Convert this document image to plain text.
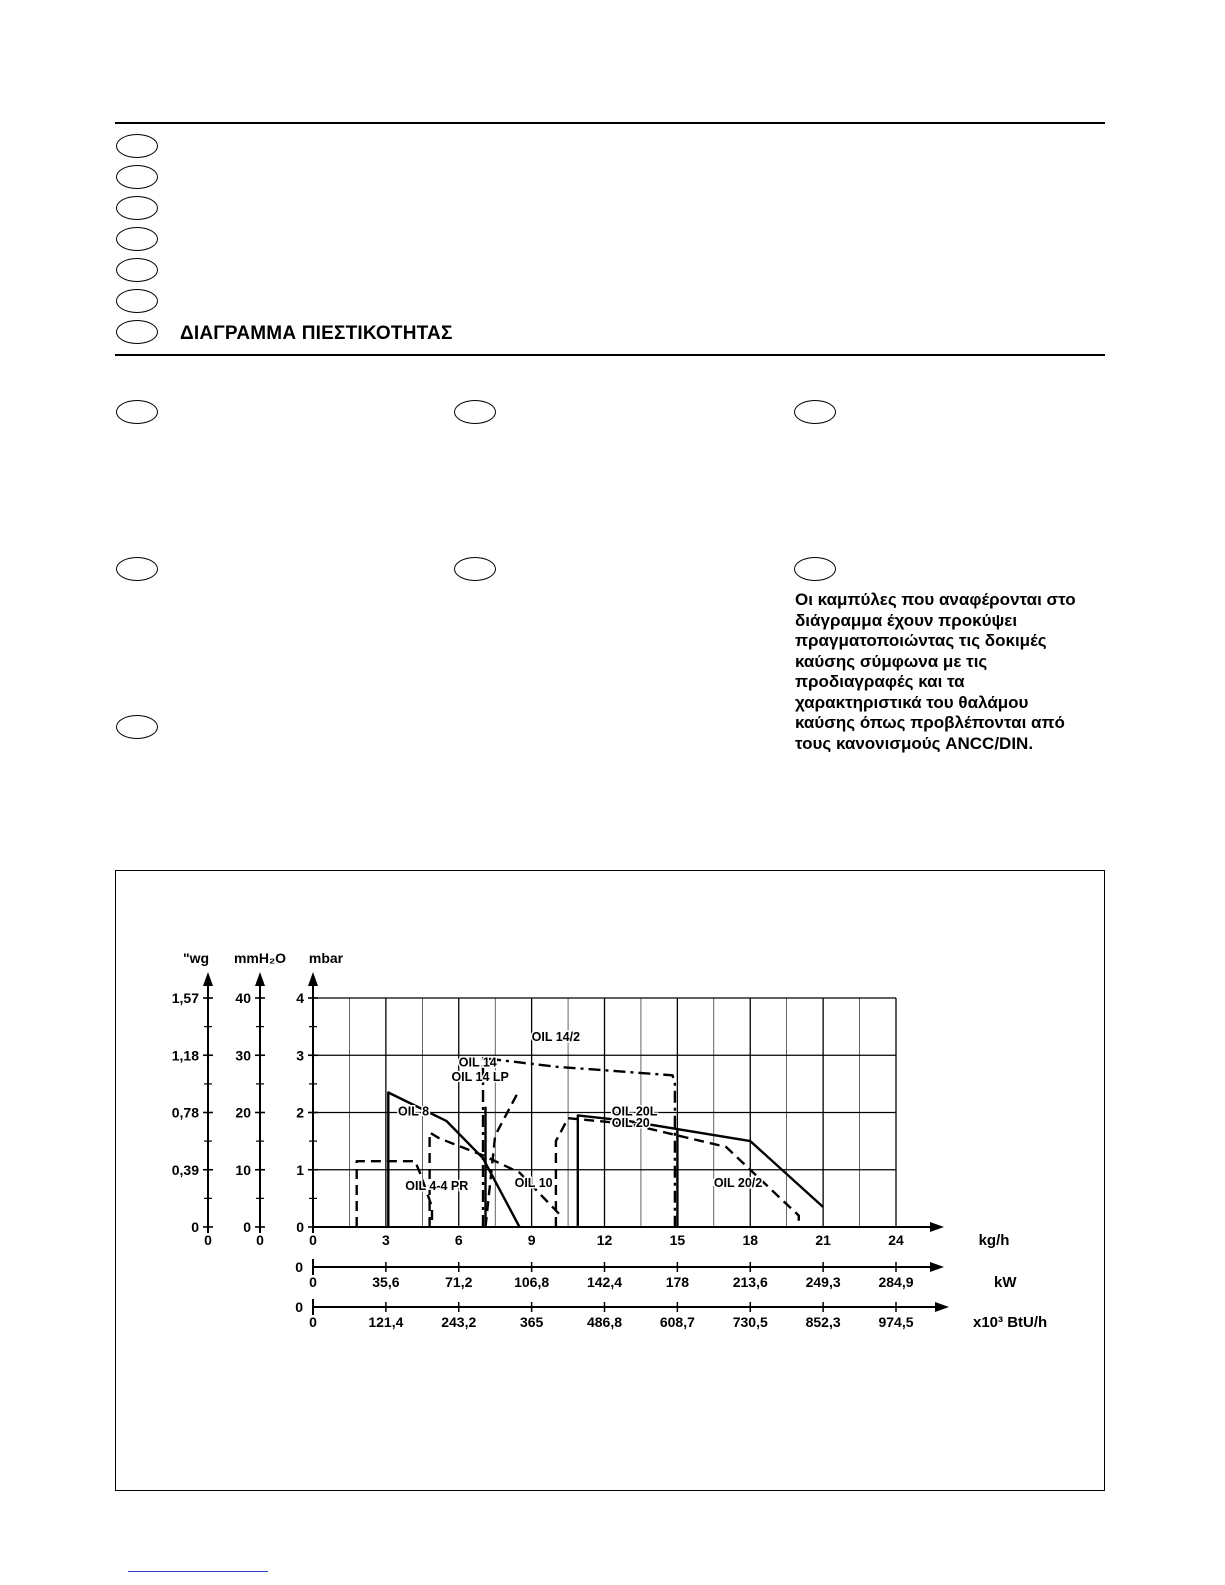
ΔΙΑΓΡΑΜΜΑ ΠΙΕΣΤΙΚΟΤΗΤΑΣ
Οι καμπύλες που αναφέρονται στο
διάγραμμα έχουν προκύψει
πραγματοποιώντας τις δοκιμές
καύσης σύμφωνα με τις
προδιαγραφές και τα
χαρακτηριστικά του θαλάμου
καύσης όπως προβλέπονται από
τους κανονισμούς ANCC/DIN.
"wg
0
0,39
0,78
1,18
1,57
0
mmH₂O
0
10
20
30
40
0
mbar
0
1
2
3
4
0	3	6	9	12	15	18	21	24	kg/h
0
0	35,6	71,2	106,8	142,4	178	213,6	249,3	284,9	kW
0
0	121,4	243,2	365	486,8	608,7	730,5	852,3	974,5	x10³ BtU/h
OIL 14/2
OIL 14
OIL 14 LP
OIL 8	OIL 20L
OIL 20
OIL 4-4 PR	OIL 10	OIL 20/2
